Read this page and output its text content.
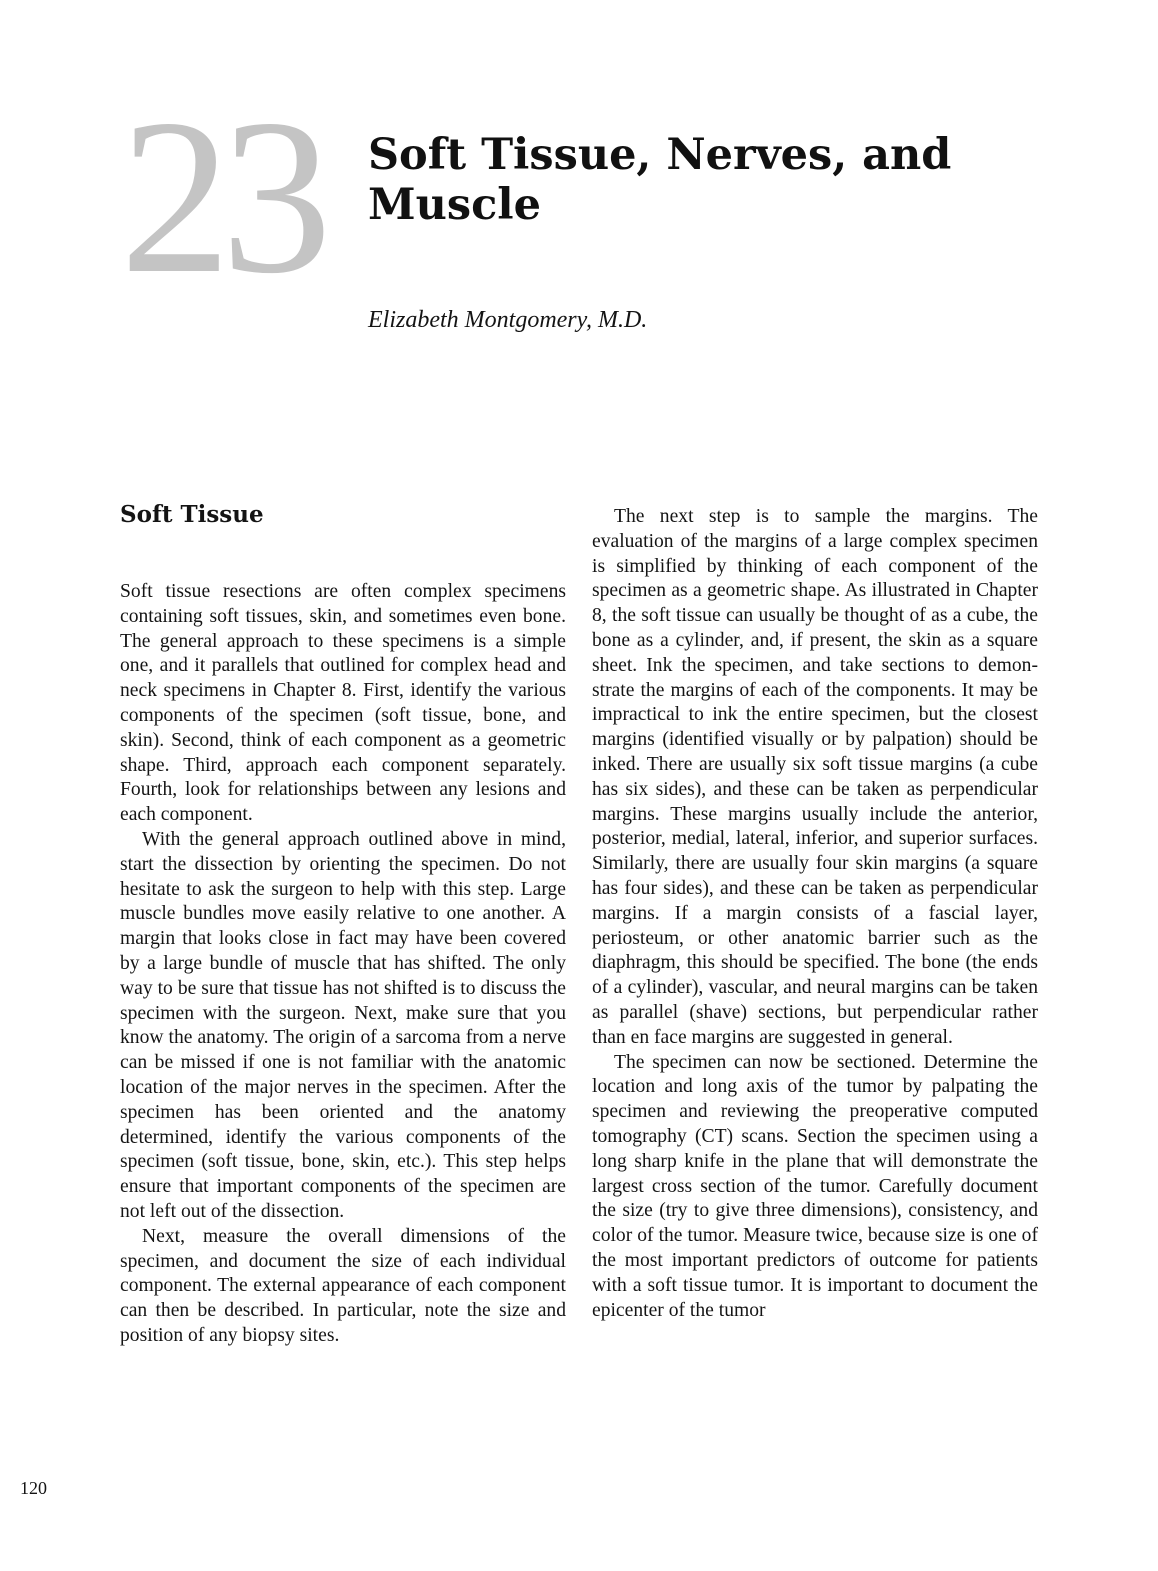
23 Soft Tissue, Nerves, and Muscle
Elizabeth Montgomery, M.D.
Soft Tissue

Soft tissue resections are often complex specimens containing soft tissues, skin, and sometimes even bone. The general approach to these specimens is a simple one, and it parallels that outlined for complex head and neck specimens in Chapter 8. First, identify the various components of the specimen (soft tissue, bone, and skin). Second, think of each component as a geometric shape. Third, approach each component separately. Fourth, look for relationships between any lesions and each component.

With the general approach outlined above in mind, start the dissection by orienting the specimen. Do not hesitate to ask the surgeon to help with this step. Large muscle bundles move easily relative to one another. A margin that looks close in fact may have been covered by a large bundle of muscle that has shifted. The only way to be sure that tissue has not shifted is to discuss the specimen with the surgeon. Next, make sure that you know the anatomy. The origin of a sarcoma from a nerve can be missed if one is not familiar with the anatomic location of the major nerves in the specimen. After the specimen has been oriented and the anatomy determined, identify the various components of the specimen (soft tissue, bone, skin, etc.). This step helps ensure that important components of the specimen are not left out of the dissection.

Next, measure the overall dimensions of the specimen, and document the size of each individual component. The external appearance of each component can then be described. In particular, note the size and position of any biopsy sites.

The next step is to sample the margins. The evaluation of the margins of a large complex specimen is simplified by thinking of each component of the specimen as a geometric shape. As illustrated in Chapter 8, the soft tissue can usually be thought of as a cube, the bone as a cylinder, and, if present, the skin as a square sheet. Ink the specimen, and take sections to demonstrate the margins of each of the components. It may be impractical to ink the entire specimen, but the closest margins (identified visually or by palpation) should be inked. There are usually six soft tissue margins (a cube has six sides), and these can be taken as perpendicular margins. These margins usually include the anterior, posterior, medial, lateral, inferior, and superior surfaces. Similarly, there are usually four skin margins (a square has four sides), and these can be taken as perpendicular margins. If a margin consists of a fascial layer, periosteum, or other anatomic barrier such as the diaphragm, this should be specified. The bone (the ends of a cylinder), vascular, and neural margins can be taken as parallel (shave) sections, but perpendicular rather than en face margins are suggested in general.

The specimen can now be sectioned. Determine the location and long axis of the tumor by palpating the specimen and reviewing the preoperative computed tomography (CT) scans. Section the specimen using a long sharp knife in the plane that will demonstrate the largest cross section of the tumor. Carefully document the size (try to give three dimensions), consistency, and color of the tumor. Measure twice, because size is one of the most important predictors of outcome for patients with a soft tissue tumor. It is important to document the epicenter of the tumor

120
